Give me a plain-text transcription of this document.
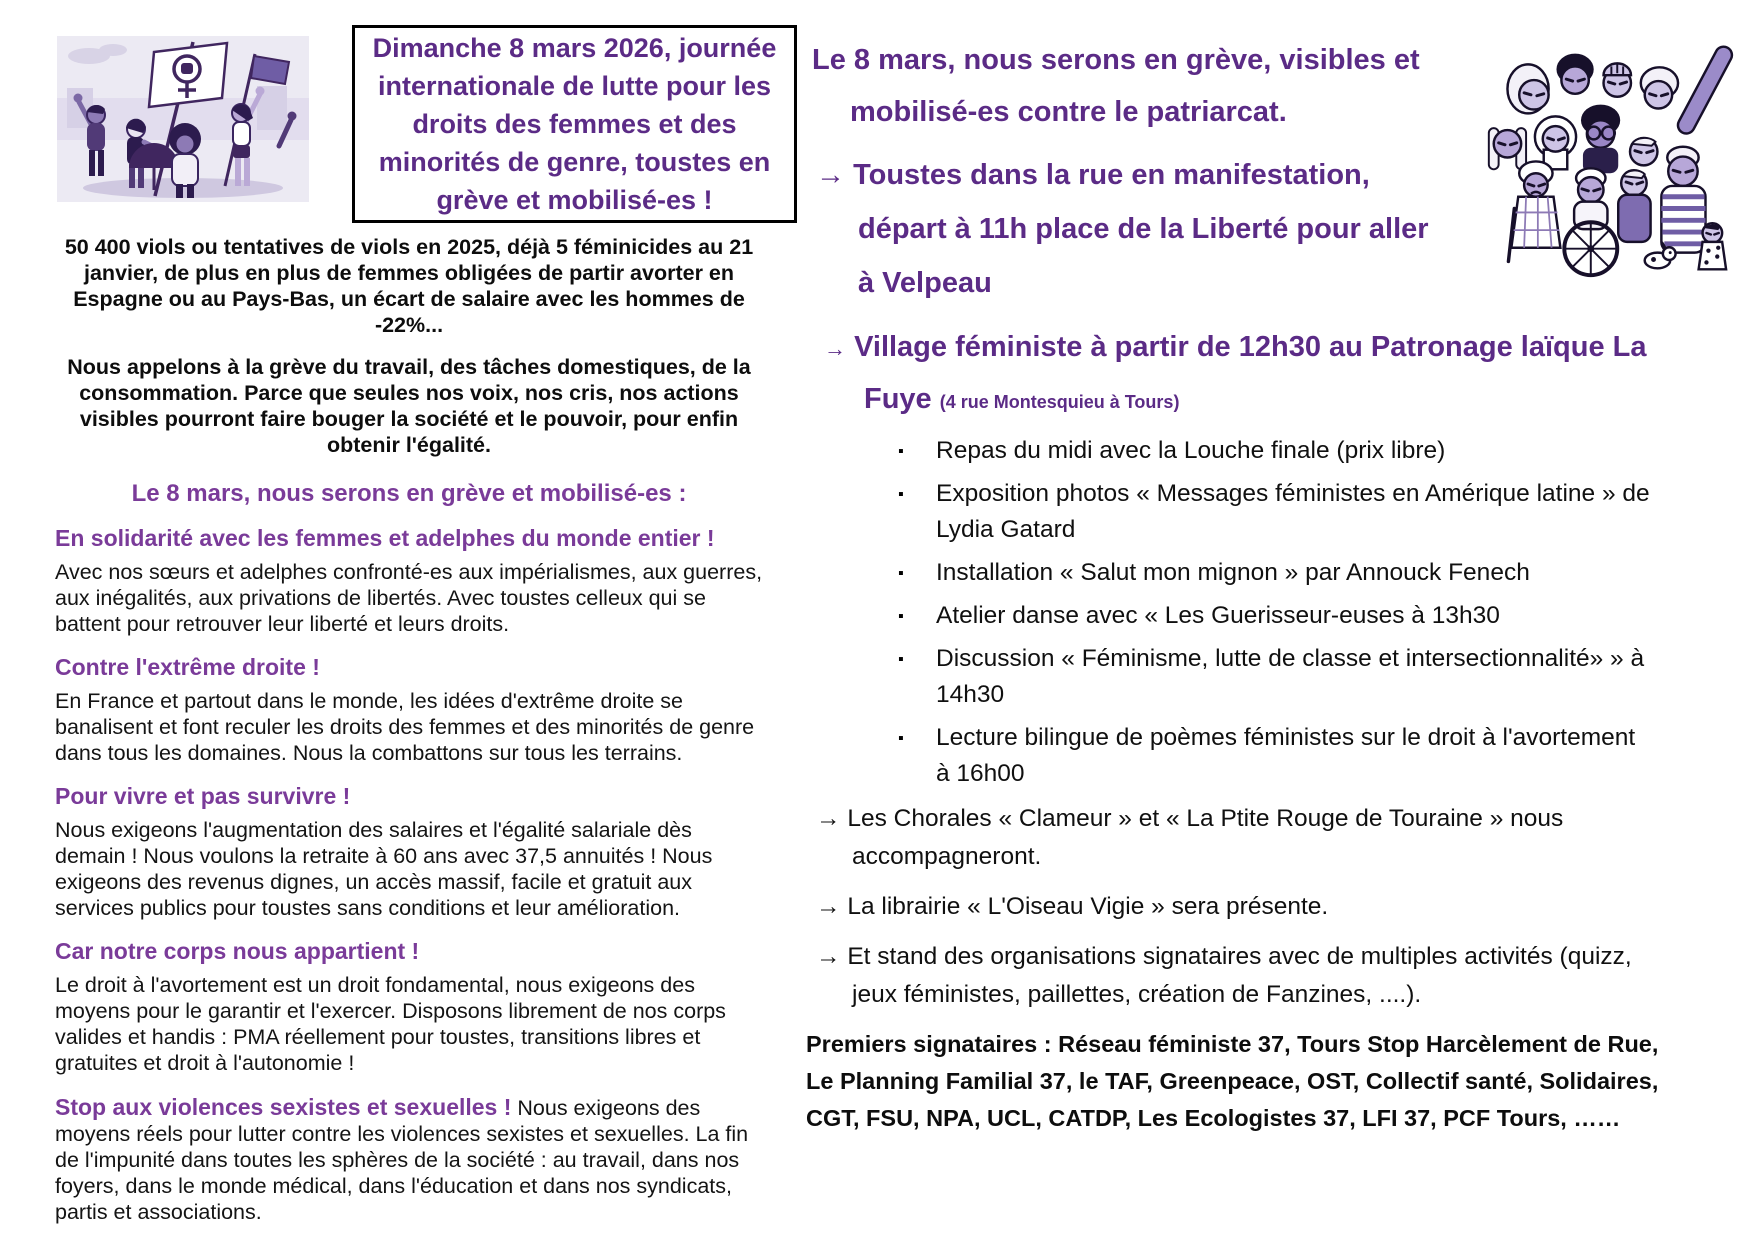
Dimanche 8 mars 2026, journée internationale de lutte pour les droits des femmes et des minorités de genre, toustes en grève et mobilisé-es !

50 400 viols ou tentatives de viols en 2025, déjà 5 féminicides au 21 janvier, de plus en plus de femmes obligées de partir avorter en Espagne ou au Pays-Bas, un écart de salaire avec les hommes de -22%...

Nous appelons à la grève du travail, des tâches domestiques, de la consommation. Parce que seules nos voix, nos cris, nos actions visibles pourront faire bouger la société et le pouvoir, pour enfin obtenir l'égalité.

Le 8 mars, nous serons en grève et mobilisé-es :
En solidarité avec les femmes et adelphes du monde entier !

Avec nos sœurs et adelphes confronté-es aux impérialismes, aux guerres, aux inégalités, aux privations de libertés. Avec toustes celleux qui se battent pour retrouver leur liberté et leurs droits.

Contre l'extrême droite !

En France et partout dans le monde, les idées d'extrême droite se banalisent et font reculer les droits des femmes et des minorités de genre dans tous les domaines. Nous la combattons sur tous les terrains.

Pour vivre et pas survivre !

Nous exigeons l'augmentation des salaires et l'égalité salariale dès demain ! Nous voulons la retraite à 60 ans avec 37,5 annuités ! Nous exigeons des revenus dignes, un accès massif, facile et gratuit aux services publics pour toustes sans conditions et leur amélioration.

Car notre corps nous appartient !

Le droit à l'avortement est un droit fondamental, nous exigeons des moyens pour le garantir et l'exercer. Disposons librement de nos corps valides et handis : PMA réellement pour toustes, transitions libres et gratuites et droit à l'autonomie !

Stop aux violences sexistes et sexuelles ! Nous exigeons des moyens réels pour lutter contre les violences sexistes et sexuelles. La fin de l'impunité dans toutes les sphères de la société : au travail, dans nos foyers, dans le monde médical, dans l'éducation et dans nos syndicats, partis et associations.

Le 8 mars, nous serons en grève, visibles et mobilisé-es contre le patriarcat.
→ Toustes dans la rue en manifestation, départ à 11h place de la Liberté pour aller à Velpeau
→ Village féministe à partir de 12h30 au Patronage laïque La Fuye (4 rue Montesquieu à Tours)
▪ Repas du midi avec la Louche finale (prix libre)
▪ Exposition photos « Messages féministes en Amérique latine » de Lydia Gatard
▪ Installation « Salut mon mignon » par Annouck Fenech
▪ Atelier danse avec « Les Guerisseur-euses à 13h30
▪ Discussion « Féminisme, lutte de classe et intersectionnalité» » à 14h30
▪ Lecture bilingue de poèmes féministes sur le droit à l'avortement à 16h00
→ Les Chorales « Clameur » et « La Ptite Rouge de Touraine » nous accompagneront.
→ La librairie « L'Oiseau Vigie » sera présente.
→ Et stand des organisations signataires avec de multiples activités (quizz, jeux féministes, paillettes, création de Fanzines, ....).

Premiers signataires : Réseau féministe 37, Tours Stop Harcèlement de Rue, Le Planning Familial 37, le TAF, Greenpeace, OST, Collectif santé, Solidaires, CGT, FSU, NPA, UCL, CATDP, Les Ecologistes 37, LFI 37, PCF Tours, ……
